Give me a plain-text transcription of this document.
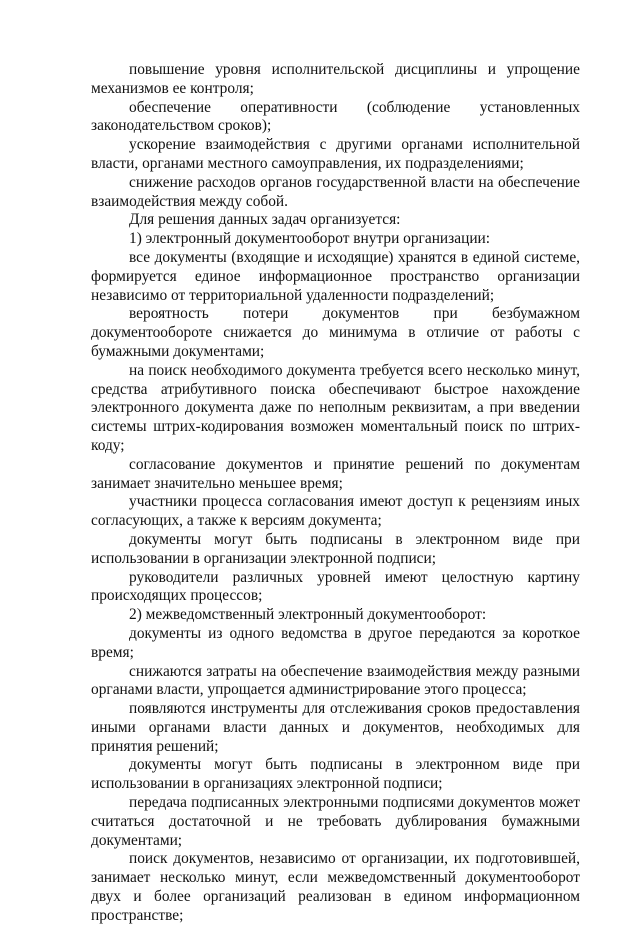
повышение уровня исполнительской дисциплины и упрощение механизмов ее контроля;

обеспечение оперативности (соблюдение установленных законодательством сроков);

ускорение взаимодействия с другими органами исполнительной власти, органами местного самоуправления, их подразделениями;

снижение расходов органов государственной власти на обеспечение взаимодействия между собой.

Для решения данных задач организуется:

1) электронный документооборот внутри организации:

все документы (входящие и исходящие) хранятся в единой системе, формируется единое информационное пространство организации независимо от территориальной удаленности подразделений;

вероятность потери документов при безбумажном документообороте снижается до минимума в отличие от работы с бумажными документами;

на поиск необходимого документа требуется всего несколько минут, средства атрибутивного поиска обеспечивают быстрое нахождение электронного документа даже по неполным реквизитам, а при введении системы штрих-кодирования возможен моментальный поиск по штрих-коду;

согласование документов и принятие решений по документам занимает значительно меньшее время;

участники процесса согласования имеют доступ к рецензиям иных согласующих, а также к версиям документа;

документы могут быть подписаны в электронном виде при использовании в организации электронной подписи;

руководители различных уровней имеют целостную картину происходящих процессов;

2) межведомственный электронный документооборот:

документы из одного ведомства в другое передаются за короткое время;

снижаются затраты на обеспечение взаимодействия между разными органами власти, упрощается администрирование этого процесса;

появляются инструменты для отслеживания сроков предоставления иными органами власти данных и документов, необходимых для принятия решений;

документы могут быть подписаны в электронном виде при использовании в организациях электронной подписи;

передача подписанных электронными подписями документов может считаться достаточной и не требовать дублирования бумажными документами;

поиск документов, независимо от организации, их подготовившей, занимает несколько минут, если межведомственный документооборот двух и более организаций реализован в едином информационном пространстве;
